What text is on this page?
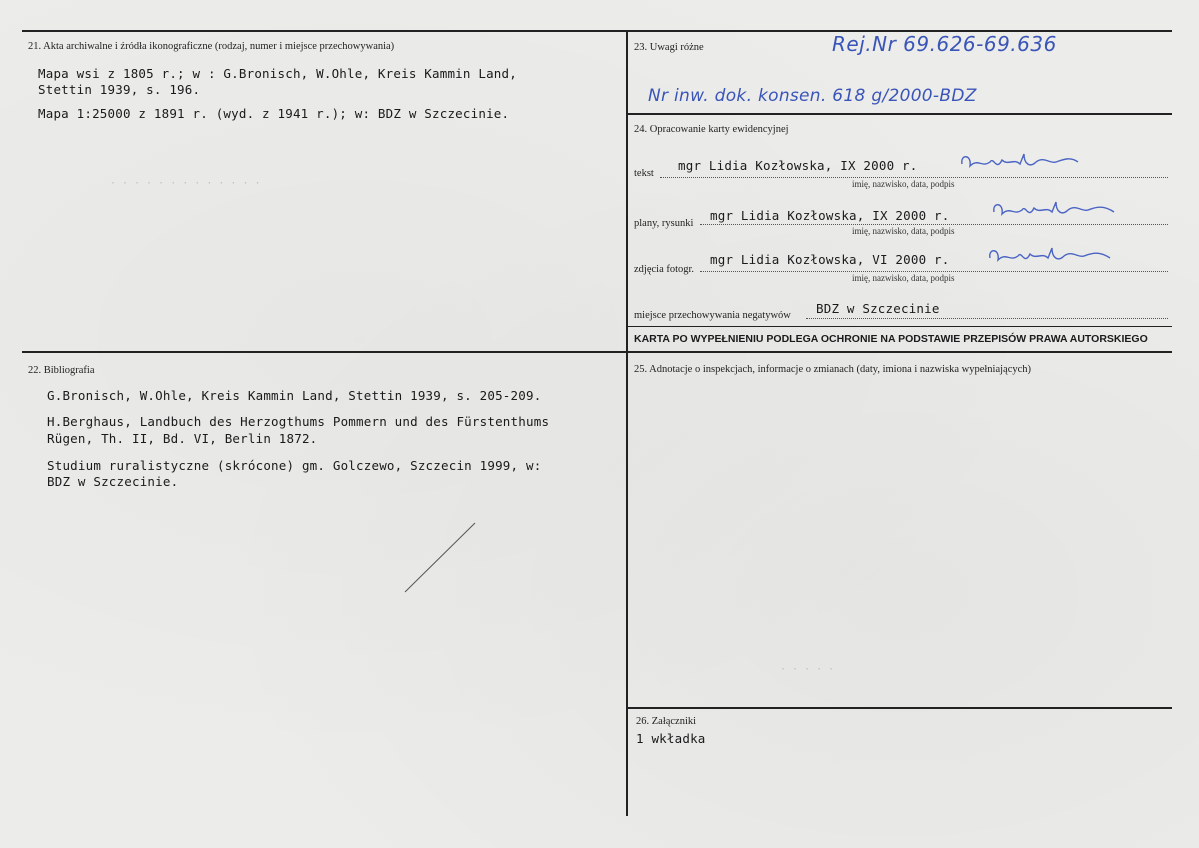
· · · · · · · · · · · · ·
· · · · ·
21. Akta archiwalne i źródła ikonograficzne (rodzaj, numer i miejsce przechowywania)
Mapa wsi z 1805 r.; w : G.Bronisch, W.Ohle, Kreis Kammin Land,
Stettin 1939, s. 196.
Mapa 1:25000 z 1891 r. (wyd. z 1941 r.); w: BDZ w Szczecinie.
22. Bibliografia
G.Bronisch, W.Ohle, Kreis Kammin Land, Stettin 1939, s. 205-209.
H.Berghaus, Landbuch des Herzogthums Pommern und des Fürstenthums
Rügen, Th. II, Bd. VI, Berlin 1872.
Studium ruralistyczne (skrócone) gm. Golczewo, Szczecin 1999, w:
BDZ w Szczecinie.
23. Uwagi różne	Rej.Nr 69.626-69.636
Nr inw. dok. konsen. 618 g/2000-BDZ
24. Opracowanie karty ewidencyjnej
tekst
mgr Lidia Kozłowska, IX 2000 r.
imię, nazwisko, data, podpis
plany, rysunki
mgr Lidia Kozłowska, IX 2000 r.
imię, nazwisko, data, podpis
zdjęcia fotogr.
mgr Lidia Kozłowska, VI 2000 r.
imię, nazwisko, data, podpis
miejsce przechowywania negatywów BDZ w Szczecinie
KARTA PO WYPEŁNIENIU PODLEGA OCHRONIE NA PODSTAWIE PRZEPISÓW PRAWA AUTORSKIEGO
25. Adnotacje o inspekcjach, informacje o zmianach (daty, imiona i nazwiska wypełniających)
26. Załączniki
1 wkładka
